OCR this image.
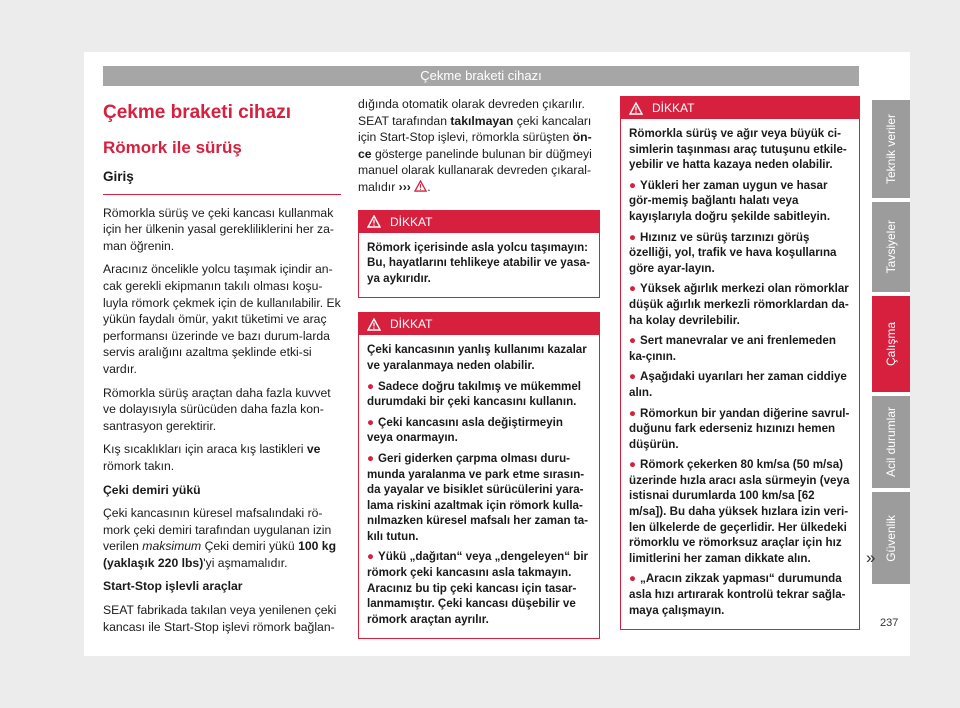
Çekme braketi cihazı
Çekme braketi cihazı
Römork ile sürüş
Giriş

Römorkla sürüş ve çeki kancası kullanmak için her ülkenin yasal gerekliliklerini her za-man öğrenin.

Aracınız öncelikle yolcu taşımak içindir an-cak gerekli ekipmanın takılı olması koşu-luyla römork çekmek için de kullanılabilir. Ek yükün faydalı ömür, yakıt tüketimi ve araç performansı üzerinde ve bazı durum-larda servis aralığını azaltma şeklinde etki-si vardır.

Römorkla sürüş araçtan daha fazla kuvvet ve dolayısıyla sürücüden daha fazla kon-santrasyon gerektirir.

Kış sıcaklıkları için araca kış lastikleri ve römork takın.

Çeki demiri yükü

Çeki kancasının küresel mafsalındaki rö-mork çeki demiri tarafından uygulanan izin verilen maksimum Çeki demiri yükü 100 kg (yaklaşık 220 lbs)'yi aşmamalıdır.

Start-Stop işlevli araçlar

SEAT fabrikada takılan veya yenilenen çeki kancası ile Start-Stop işlevi römork bağlan-

dığında otomatik olarak devreden çıkarılır. SEAT tarafından takılmayan çeki kancaları için Start-Stop işlevi, römorkla sürüşten ön-ce gösterge panelinde bulunan bir düğmeyi manuel olarak kullanarak devreden çıkaral-malıdır ››› .

DİKKAT

Römork içerisinde asla yolcu taşımayın: Bu, hayatlarını tehlikeye atabilir ve yasa-ya aykırıdır.

DİKKAT

Çeki kancasının yanlış kullanımı kazalar ve yaralanmaya neden olabilir.

● Sadece doğru takılmış ve mükemmel durumdaki bir çeki kancasını kullanın.

● Çeki kancasını asla değiştirmeyin veya onarmayın.

● Geri giderken çarpma olması duru-munda yaralanma ve park etme sırasın-da yayalar ve bisiklet sürücülerini yara-lama riskini azaltmak için römork kulla-nılmazken küresel mafsalı her zaman ta-kılı tutun.

● Yükü „dağıtan“ veya „dengeleyen“ bir römork çeki kancasını asla takmayın. Aracınız bu tip çeki kancası için tasar-lanmamıştır. Çeki kancası düşebilir ve römork araçtan ayrılır.

DİKKAT

Römorkla sürüş ve ağır veya büyük ci-simlerin taşınması araç tutuşunu etkile-yebilir ve hatta kazaya neden olabilir.

● Yükleri her zaman uygun ve hasar gör-memiş bağlantı halatı veya kayışlarıyla doğru şekilde sabitleyin.

● Hızınız ve sürüş tarzınızı görüş özelliği, yol, trafik ve hava koşullarına göre ayar-layın.

● Yüksek ağırlık merkezi olan römorklar düşük ağırlık merkezli römorklardan da-ha kolay devrilebilir.

● Sert manevralar ve ani frenlemeden ka-çının.

● Aşağıdaki uyarıları her zaman ciddiye alın.

● Römorkun bir yandan diğerine savrul-duğunu fark ederseniz hızınızı hemen düşürün.

● Römork çekerken 80 km/sa (50 m/sa) üzerinde hızla aracı asla sürmeyin (veya istisnai durumlarda 100 km/sa [62 m/sa]). Bu daha yüksek hızlara izin veri-len ülkelerde de geçerlidir. Her ülkedeki römorklu ve römorksuz araçlar için hız limitlerini her zaman dikkate alın.

● „Aracın zikzak yapması“ durumunda asla hızı artırarak kontrolü tekrar sağla-maya çalışmayın.

Teknik veriler
Tavsiyeler
Çalışma
Acil durumlar
Güvenlik
»
237
